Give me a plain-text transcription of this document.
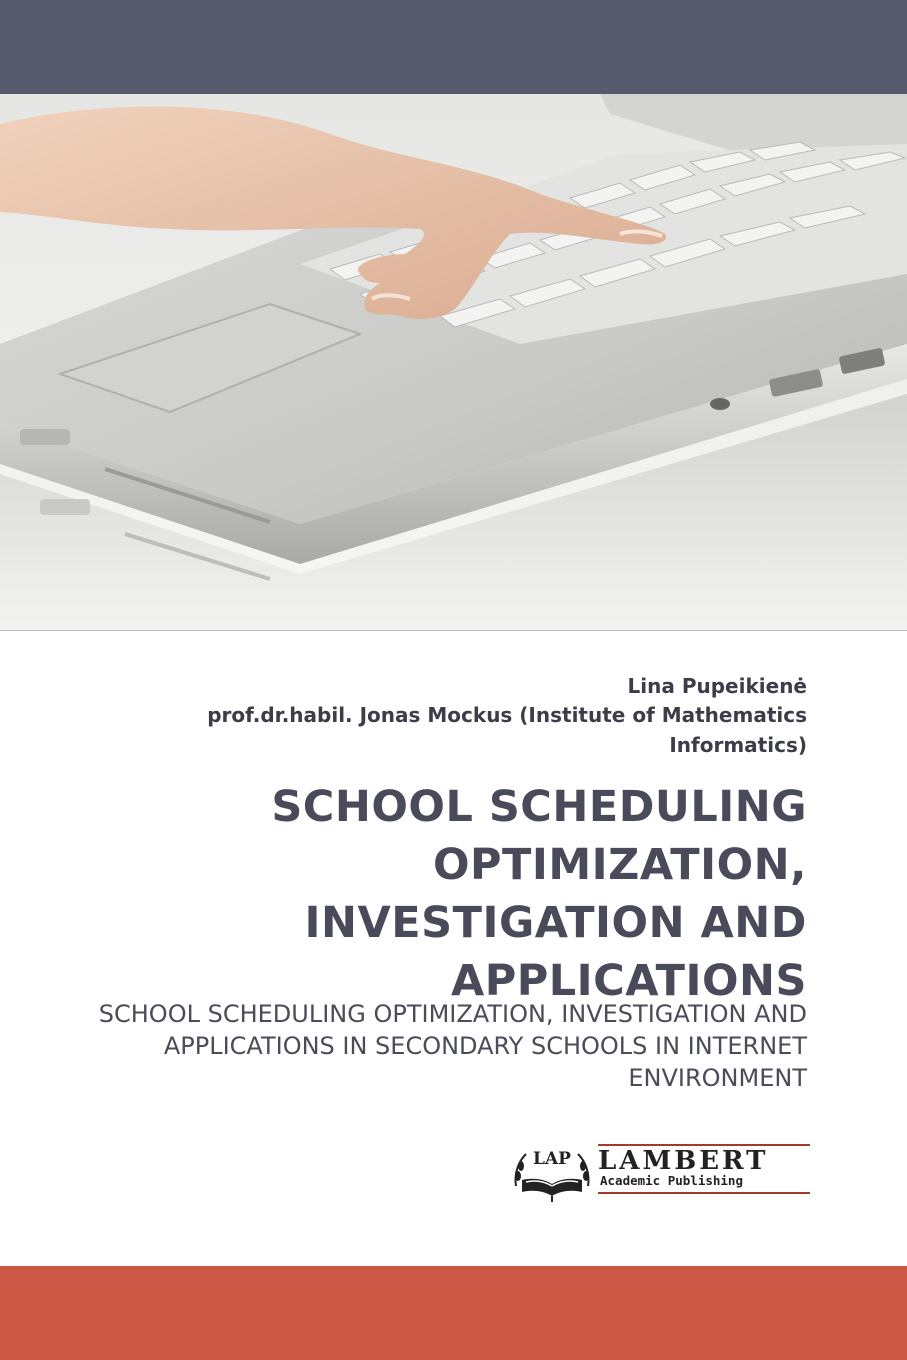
Lina Pupeikienė
prof.dr.habil. Jonas Mockus (Institute of Mathematics Informatics)
SCHOOL SCHEDULING OPTIMIZATION, INVESTIGATION AND APPLICATIONS
SCHOOL SCHEDULING OPTIMIZATION, INVESTIGATION AND APPLICATIONS IN SECONDARY SCHOOLS IN INTERNET ENVIRONMENT
LAP LAMBERT
Academic Publishing
